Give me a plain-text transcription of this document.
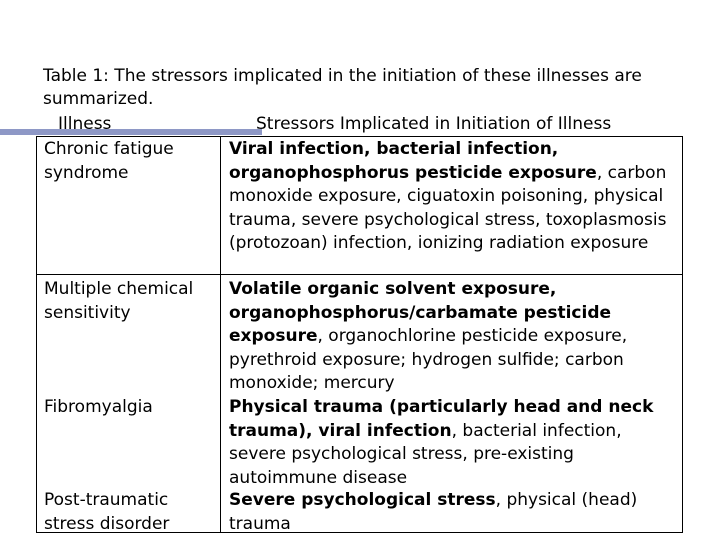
Table 1: The stressors implicated in the initiation of these illnesses are summarized.

Illness	Stressors Implicated in Initiation of Illness
Chronic fatigue syndrome
Viral infection, bacterial infection, organophosphorus pesticide exposure, carbon monoxide exposure, ciguatoxin poisoning, physical trauma, severe psychological stress, toxoplasmosis (protozoan) infection, ionizing radiation exposure
Multiple chemical sensitivity
Volatile organic solvent exposure, organophosphorus/carbamate pesticide exposure, organochlorine pesticide exposure, pyrethroid exposure; hydrogen sulfide; carbon monoxide; mercury
Fibromyalgia	Physical trauma (particularly head and neck trauma), viral infection, bacterial infection, severe psychological stress, pre-existing autoimmune disease
Post-traumatic stress disorder
Severe psychological stress, physical (head) trauma
